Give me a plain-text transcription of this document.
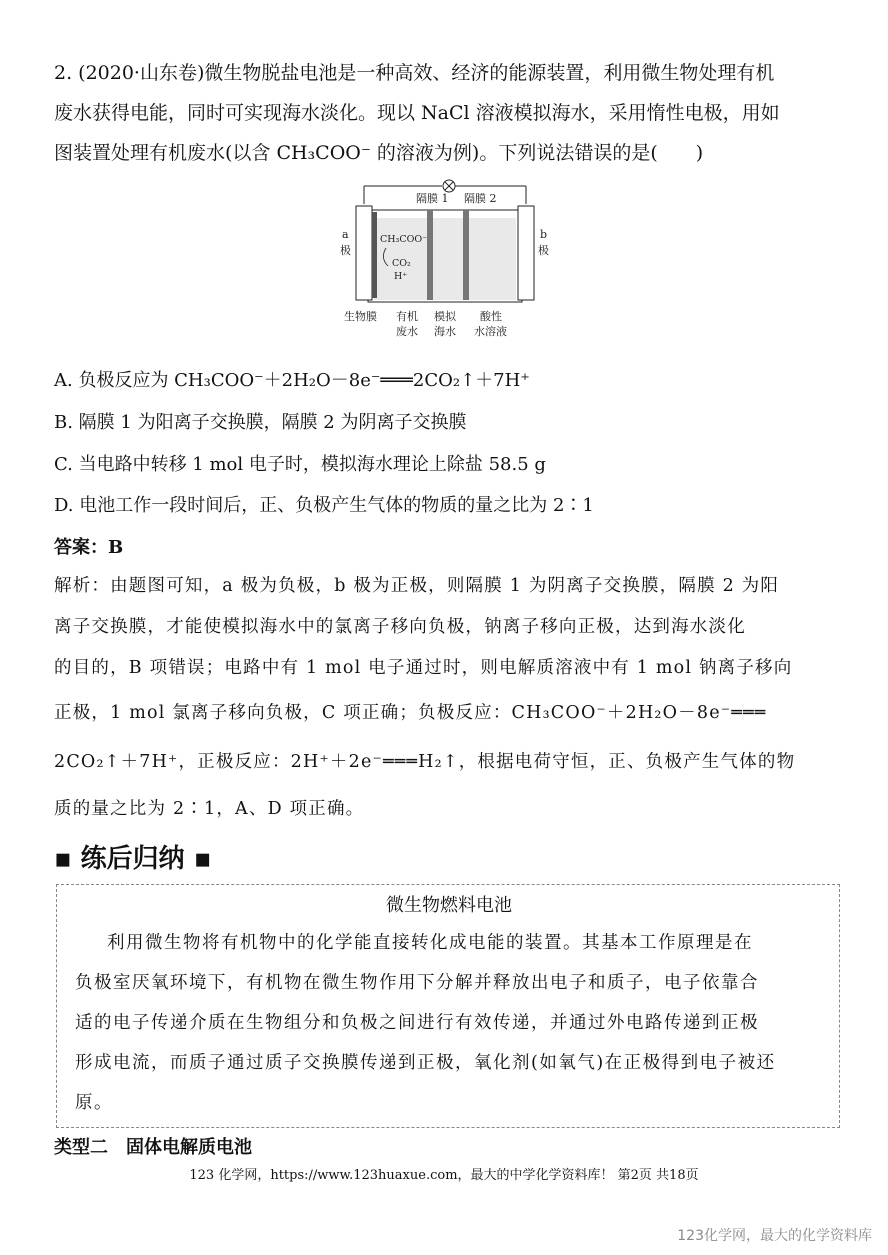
2. (2020·山东卷)微生物脱盐电池是一种高效、经济的能源装置，利用微生物处理有机
废水获得电能，同时可实现海水淡化。现以 NaCl 溶液模拟海水，采用惰性电极，用如
图装置处理有机废水(以含 CH₃COO⁻ 的溶液为例)。下列说法错误的是(　　)
隔膜 1 隔膜 2
a
极
b
极
CH₃COO⁻
CO₂
H⁺
生物膜 有机
废水
模拟
海水
酸性
水溶液
A. 负极反应为 CH₃COO⁻＋2H₂O－8e⁻═══2CO₂↑＋7H⁺
B. 隔膜 1 为阳离子交换膜，隔膜 2 为阴离子交换膜
C. 当电路中转移 1 mol 电子时，模拟海水理论上除盐 58.5 g
D. 电池工作一段时间后，正、负极产生气体的物质的量之比为 2∶1
答案：B
解析：由题图可知，a 极为负极，b 极为正极，则隔膜 1 为阴离子交换膜，隔膜 2 为阳
离子交换膜，才能使模拟海水中的氯离子移向负极，钠离子移向正极，达到海水淡化
的目的，B 项错误；电路中有 1 mol 电子通过时，则电解质溶液中有 1 mol 钠离子移向
正极，1 mol 氯离子移向负极，C 项正确；负极反应：CH₃COO⁻＋2H₂O－8e⁻═══
2CO₂↑＋7H⁺，正极反应：2H⁺＋2e⁻═══H₂↑，根据电荷守恒，正、负极产生气体的物
质的量之比为 2∶1，A、D 项正确。
▪ 练后归纳 ▪
微生物燃料电池
利用微生物将有机物中的化学能直接转化成电能的装置。其基本工作原理是在
负极室厌氧环境下，有机物在微生物作用下分解并释放出电子和质子，电子依靠合
适的电子传递介质在生物组分和负极之间进行有效传递，并通过外电路传递到正极
形成电流，而质子通过质子交换膜传递到正极，氧化剂(如氧气)在正极得到电子被还
原。
类型二　固体电解质电池
123 化学网，https://www.123huaxue.com，最大的中学化学资料库！ 第2页 共18页
123化学网，最大的化学资料库
